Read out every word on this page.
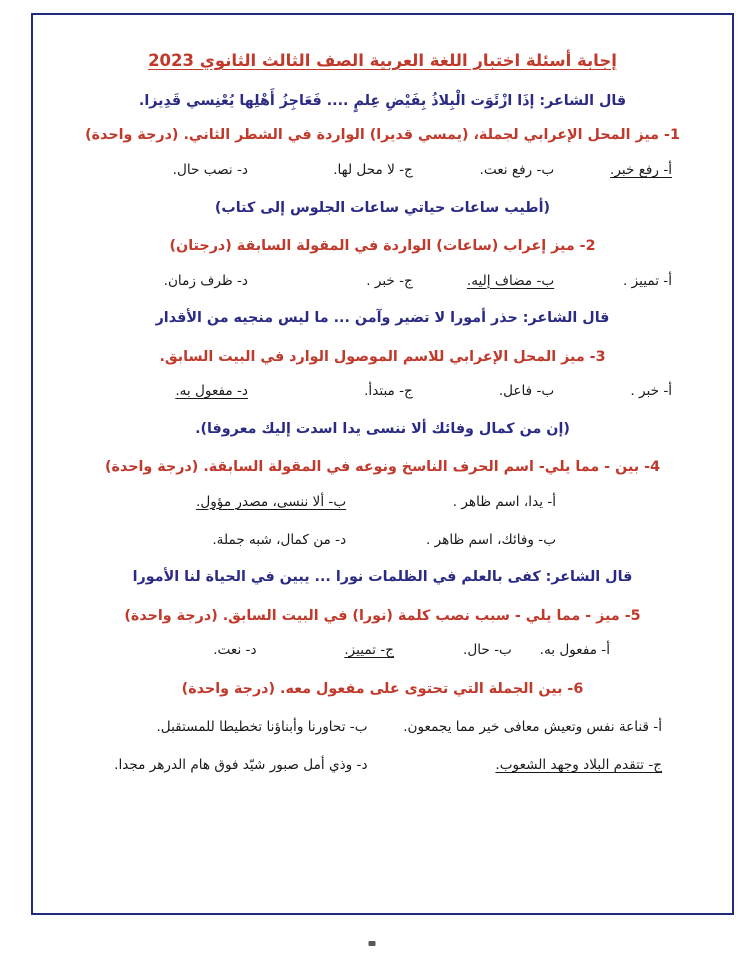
إجابة أسئلة اختبار اللغة العربية الصف الثالث الثانوي 2023
قال الشاعر: إذَا ازْئَوَت الْبِلاذُ بِفَيْضِ عِلمٍ .... فَعَاجِزُ أَهْلِها يُعْنِسي قَدِيزا.
1- ميز المحل الإعرابي لجملة، (يمسي قديرا) الواردة في الشطر الثاني. (درجة واحدة)
أ- رفع خبر.
ب- رفع نعت.
ج- لا محل لها.
د- نصب حال.
(أطيب ساعات حياتي ساعات الجلوس إلى كتاب)
2- ميز إعراب (ساعات) الواردة في المقولة السابقة (درجتان)
أ- تمييز .
ب- مضاف إليه.
ج- خبر .
د- ظرف زمان.
قال الشاعر: حذر أمورا لا تضير وآمن ... ما ليس منجيه من الأقدار
3- ميز المحل الإعرابي للاسم الموصول الوارد في البيت السابق.
أ- خبر .
ب- فاعل.
ج- مبتدأ.
د- مفعول به.
(إن من كمال وفائك ألا ننسى يدا اسدت إليك معروفا).
4- بين - مما يلي- اسم الحرف الناسخ ونوعه في المقولة السابقة. (درجة واحدة)
أ- يدا، اسم ظاهر .
ب- ألا ننسى، مصدر مؤول.
ب- وفائك، اسم ظاهر .
د- من كمال، شبه جملة.
قال الشاعر: كفى بالعلم في الظلمات نورا ... يبين في الحياة لنا الأمورا
5- ميز - مما يلي - سبب نصب كلمة (نورا) في البيت السابق. (درجة واحدة)
أ- مفعول به.
ب- حال.
ج- تمييز.
د- نعت.
6- بين الجملة التي تحتوى على مفعول معه. (درجة واحدة)
أ- قناعة نفس وتعيش معافى خير مما يجمعون.
ب- تحاورنا وأبناؤنا تخطيطا للمستقبل.
ج- تتقدم البلاد وجهد الشعوب.
د- وذي أمل صبور شيّد فوق هام الدرهر مجدا.
